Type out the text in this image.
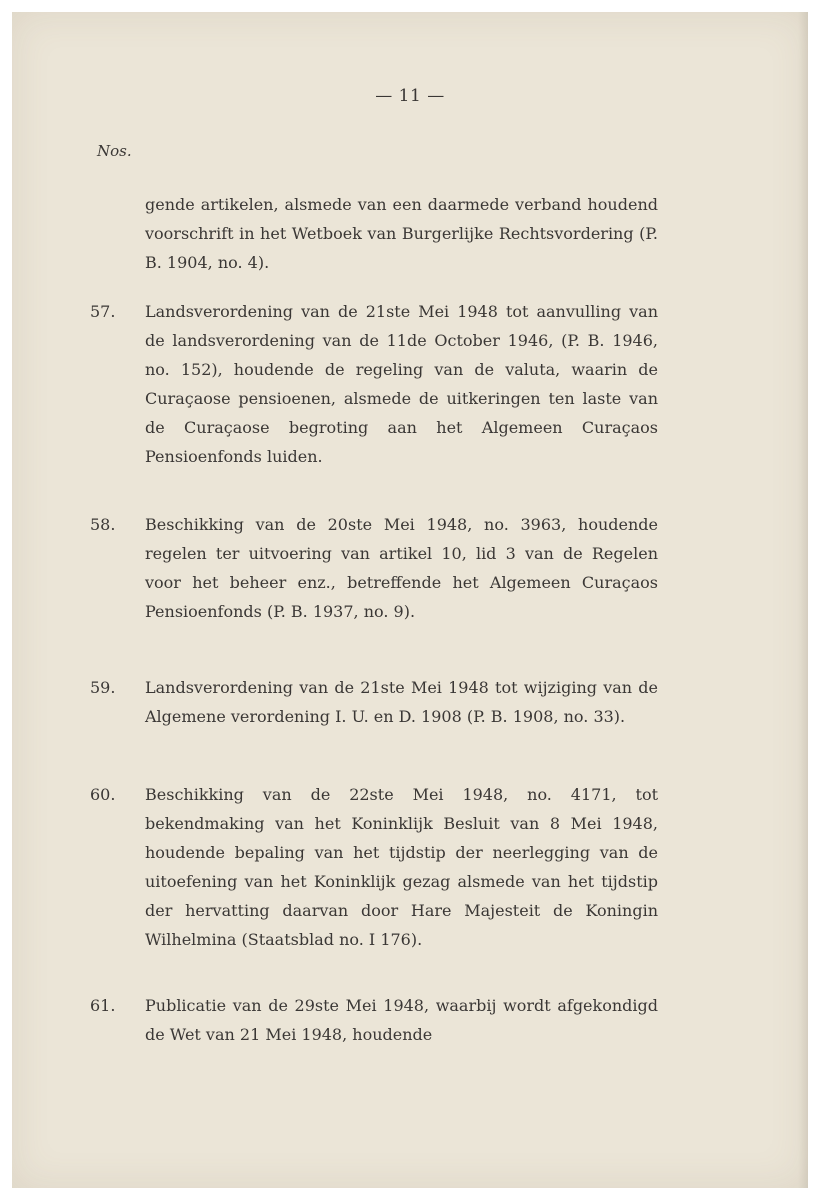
— 11 —
Nos.
gende artikelen, alsmede van een daarmede verband houdend voorschrift in het Wetboek van Burgerlijke Rechtsvordering (P. B. 1904, no. 4).
57. Landsverordening van de 21ste Mei 1948 tot aanvulling van de landsverordening van de 11de October 1946, (P. B. 1946, no. 152), houdende de regeling van de valuta, waarin de Curaçaose pensioenen, alsmede de uitkeringen ten laste van de Curaçaose begroting aan het Algemeen Curaçaos Pensioenfonds luiden.
58. Beschikking van de 20ste Mei 1948, no. 3963, houdende regelen ter uitvoering van artikel 10, lid 3 van de Regelen voor het beheer enz., betreffende het Algemeen Curaçaos Pensioenfonds (P. B. 1937, no. 9).
59. Landsverordening van de 21ste Mei 1948 tot wijziging van de Algemene verordening I. U. en D. 1908 (P. B. 1908, no. 33).
60. Beschikking van de 22ste Mei 1948, no. 4171, tot bekendmaking van het Koninklijk Besluit van 8 Mei 1948, houdende bepaling van het tijdstip der neerlegging van de uitoefening van het Koninklijk gezag alsmede van het tijdstip der hervatting daarvan door Hare Majesteit de Koningin Wilhelmina (Staatsblad no. I 176).
61. Publicatie van de 29ste Mei 1948, waarbij wordt afgekondigd de Wet van 21 Mei 1948, houdende
